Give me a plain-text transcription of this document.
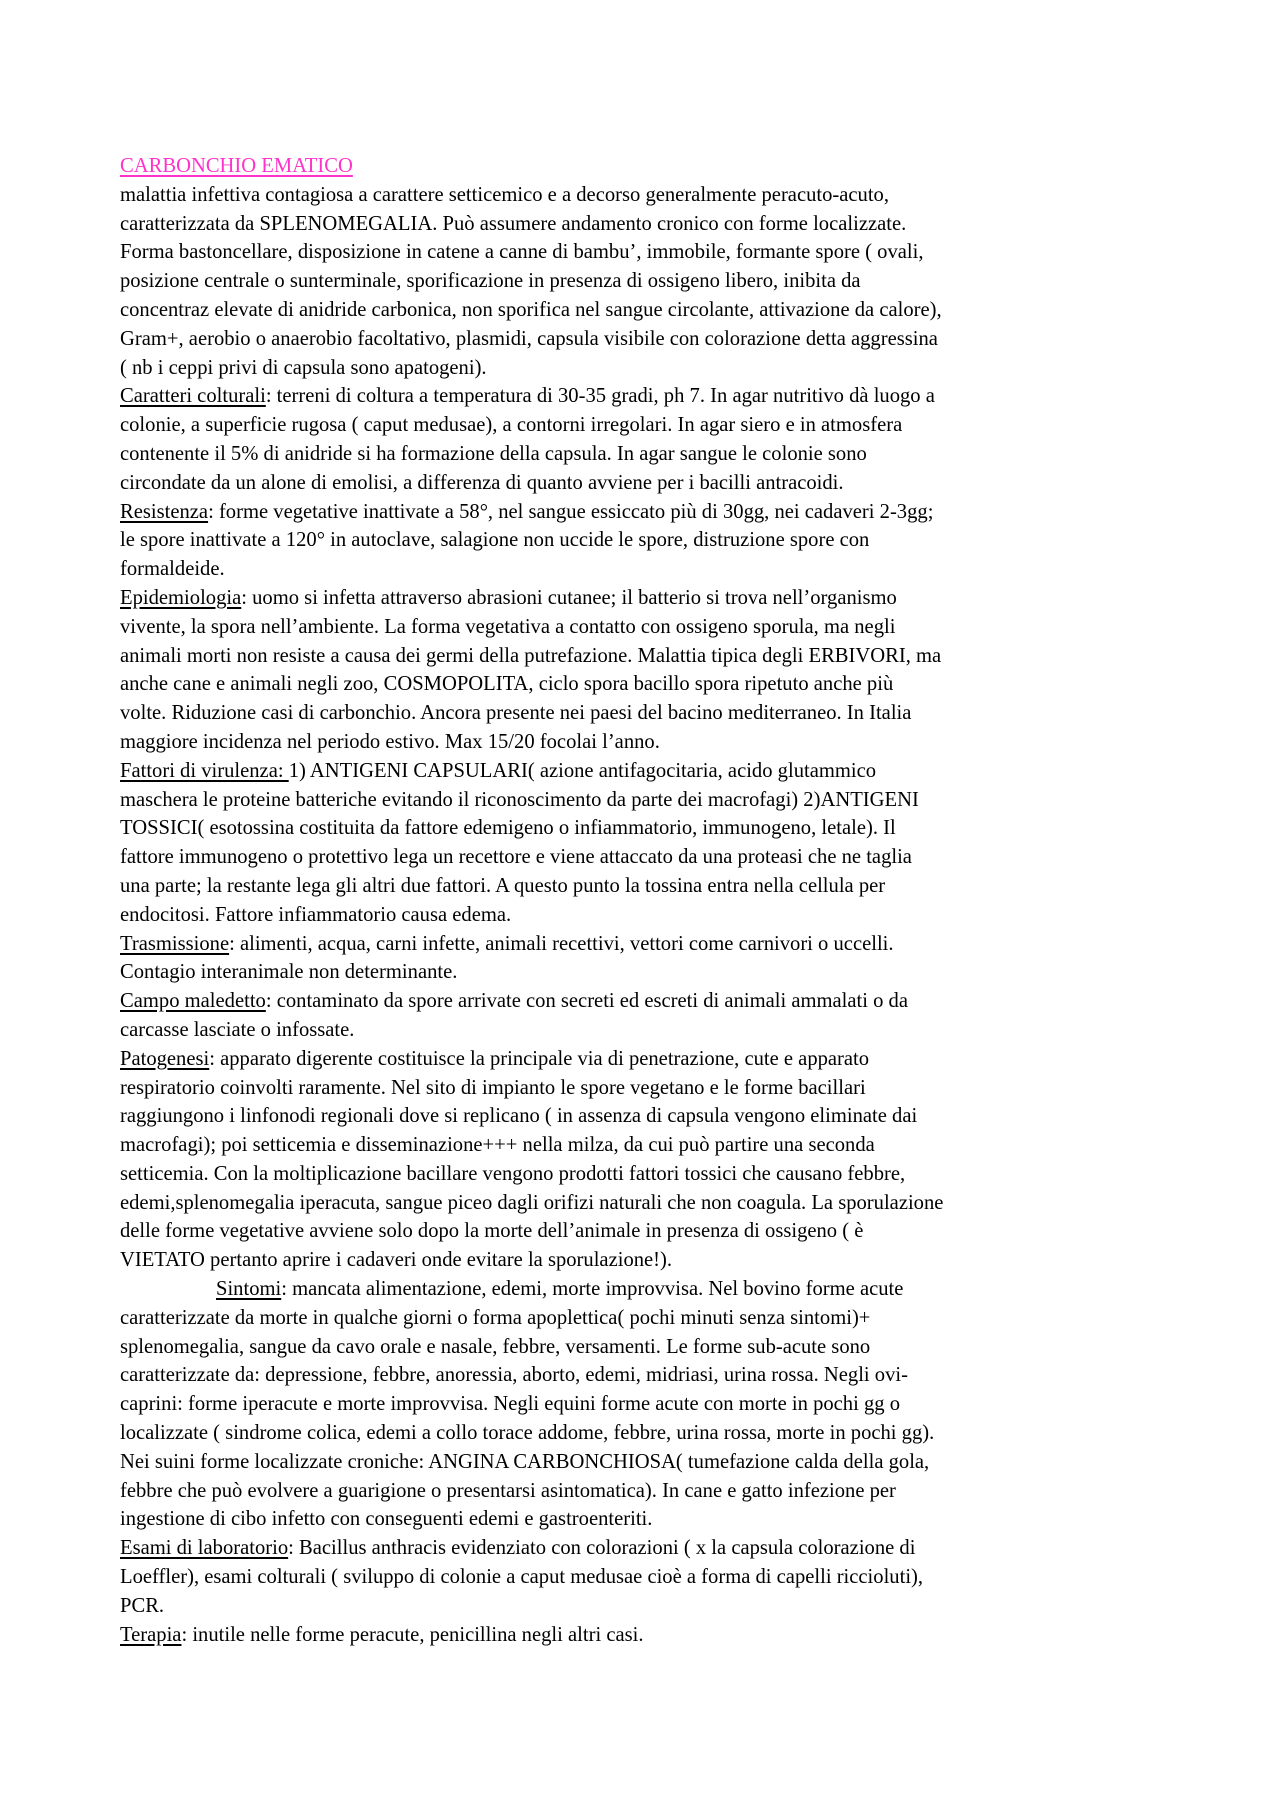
CARBONCHIO EMATICO
malattia infettiva contagiosa a carattere setticemico e a decorso generalmente peracuto-acuto,
caratterizzata da SPLENOMEGALIA. Può assumere andamento cronico con forme localizzate.
Forma bastoncellare, disposizione in catene a canne di bambu’, immobile, formante spore ( ovali,
posizione centrale o sunterminale, sporificazione in presenza di ossigeno libero, inibita da
concentraz elevate di anidride carbonica, non sporifica nel sangue circolante, attivazione da calore),
Gram+, aerobio o anaerobio facoltativo, plasmidi, capsula visibile con colorazione detta aggressina
( nb i ceppi privi di capsula sono apatogeni).
Caratteri colturali: terreni di coltura a temperatura di 30-35 gradi, ph 7. In agar nutritivo dà luogo a
colonie, a superficie rugosa ( caput medusae), a contorni irregolari. In agar siero e in atmosfera
contenente il 5% di anidride si ha formazione della capsula. In agar sangue le colonie sono
circondate da un alone di emolisi, a differenza di quanto avviene per i bacilli antracoidi.
Resistenza: forme vegetative inattivate a 58°, nel sangue essiccato più di 30gg, nei cadaveri 2-3gg;
le spore inattivate a 120° in autoclave, salagione non uccide le spore, distruzione spore con
formaldeide.
Epidemiologia: uomo si infetta attraverso abrasioni cutanee; il batterio si trova nell’organismo
vivente, la spora nell’ambiente. La forma vegetativa a contatto con ossigeno sporula, ma negli
animali morti non resiste a causa dei germi della putrefazione. Malattia tipica degli ERBIVORI, ma
anche cane e animali negli zoo, COSMOPOLITA, ciclo spora bacillo spora ripetuto anche più
volte. Riduzione casi di carbonchio. Ancora presente nei paesi del bacino mediterraneo. In Italia
maggiore incidenza nel periodo estivo. Max 15/20 focolai l’anno.
Fattori di virulenza: 1) ANTIGENI CAPSULARI( azione antifagocitaria, acido glutammico
maschera le proteine batteriche evitando il riconoscimento da parte dei macrofagi) 2)ANTIGENI
TOSSICI( esotossina costituita da fattore edemigeno o infiammatorio, immunogeno, letale). Il
fattore immunogeno o protettivo lega un recettore e viene attaccato da una proteasi che ne taglia
una parte; la restante lega gli altri due fattori. A questo punto la tossina entra nella cellula per
endocitosi. Fattore infiammatorio causa edema.
Trasmissione: alimenti, acqua, carni infette, animali recettivi, vettori come carnivori o uccelli.
Contagio interanimale non determinante.
Campo maledetto: contaminato da spore arrivate con secreti ed escreti di animali ammalati o da
carcasse lasciate o infossate.
Patogenesi: apparato digerente costituisce la principale via di penetrazione, cute e apparato
respiratorio coinvolti raramente. Nel sito di impianto le spore vegetano e le forme bacillari
raggiungono i linfonodi regionali dove si replicano ( in assenza di capsula vengono eliminate dai
macrofagi); poi setticemia e disseminazione+++ nella milza, da cui può partire una seconda
setticemia. Con la moltiplicazione bacillare vengono prodotti fattori tossici che causano febbre,
edemi,splenomegalia iperacuta, sangue piceo dagli orifizi naturali che non coagula. La sporulazione
delle forme vegetative avviene solo dopo la morte dell’animale in presenza di ossigeno ( è
VIETATO pertanto aprire i cadaveri onde evitare la sporulazione!).
Sintomi: mancata alimentazione, edemi, morte improvvisa. Nel bovino forme acute
caratterizzate da morte in qualche giorni o forma apoplettica( pochi minuti senza sintomi)+
splenomegalia, sangue da cavo orale e nasale, febbre, versamenti. Le forme sub-acute sono
caratterizzate da: depressione, febbre, anoressia, aborto, edemi, midriasi, urina rossa. Negli ovi-
caprini: forme iperacute e morte improvvisa. Negli equini forme acute con morte in pochi gg o
localizzate ( sindrome colica, edemi a collo torace addome, febbre, urina rossa, morte in pochi gg).
Nei suini forme localizzate croniche: ANGINA CARBONCHIOSA( tumefazione calda della gola,
febbre che può evolvere a guarigione o presentarsi asintomatica). In cane e gatto infezione per
ingestione di cibo infetto con conseguenti edemi e gastroenteriti.
Esami di laboratorio: Bacillus anthracis evidenziato con colorazioni ( x la capsula colorazione di
Loeffler), esami colturali ( sviluppo di colonie a caput medusae cioè a forma di capelli riccioluti),
PCR.
Terapia: inutile nelle forme peracute, penicillina negli altri casi.
